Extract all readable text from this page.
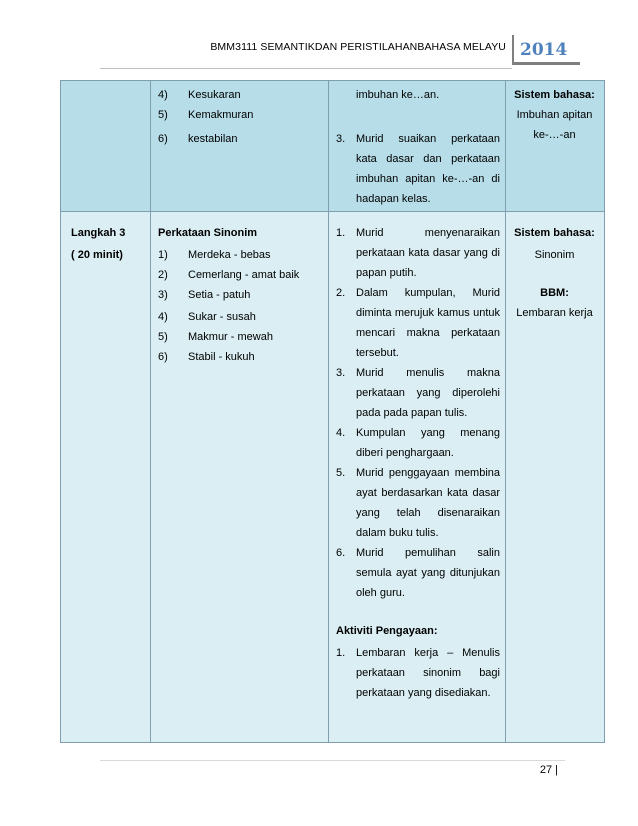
BMM3111 SEMANTIKDAN PERISTILAHANBAHASA MELAYU 2014
4) Kesukaran
5) Kemakmuran
6) kestabilan
imbuhan ke…an.
3. Murid suaikan perkataan kata dasar dan perkataan imbuhan apitan ke-…-an di hadapan kelas.
Sistem bahasa:
Imbuhan apitan ke-…-an
Langkah 3
( 20 minit)
Perkataan Sinonim
1) Merdeka - bebas
2) Cemerlang - amat baik
3) Setia - patuh
4) Sukar - susah
5) Makmur - mewah
6) Stabil - kukuh
1. Murid menyenaraikan perkataan kata dasar yang di papan putih.
2. Dalam kumpulan, Murid diminta merujuk kamus untuk mencari makna perkataan tersebut.
3. Murid menulis makna perkataan yang diperolehi pada pada papan tulis.
4. Kumpulan yang menang diberi penghargaan.
5. Murid penggayaan membina ayat berdasarkan kata dasar yang telah disenaraikan dalam buku tulis.
6. Murid pemulihan salin semula ayat yang ditunjukan oleh guru.
Aktiviti Pengayaan:
1. Lembaran kerja – Menulis perkataan sinonim bagi perkataan yang disediakan.
Sistem bahasa:
Sinonim
BBM:
Lembaran kerja
27 |
